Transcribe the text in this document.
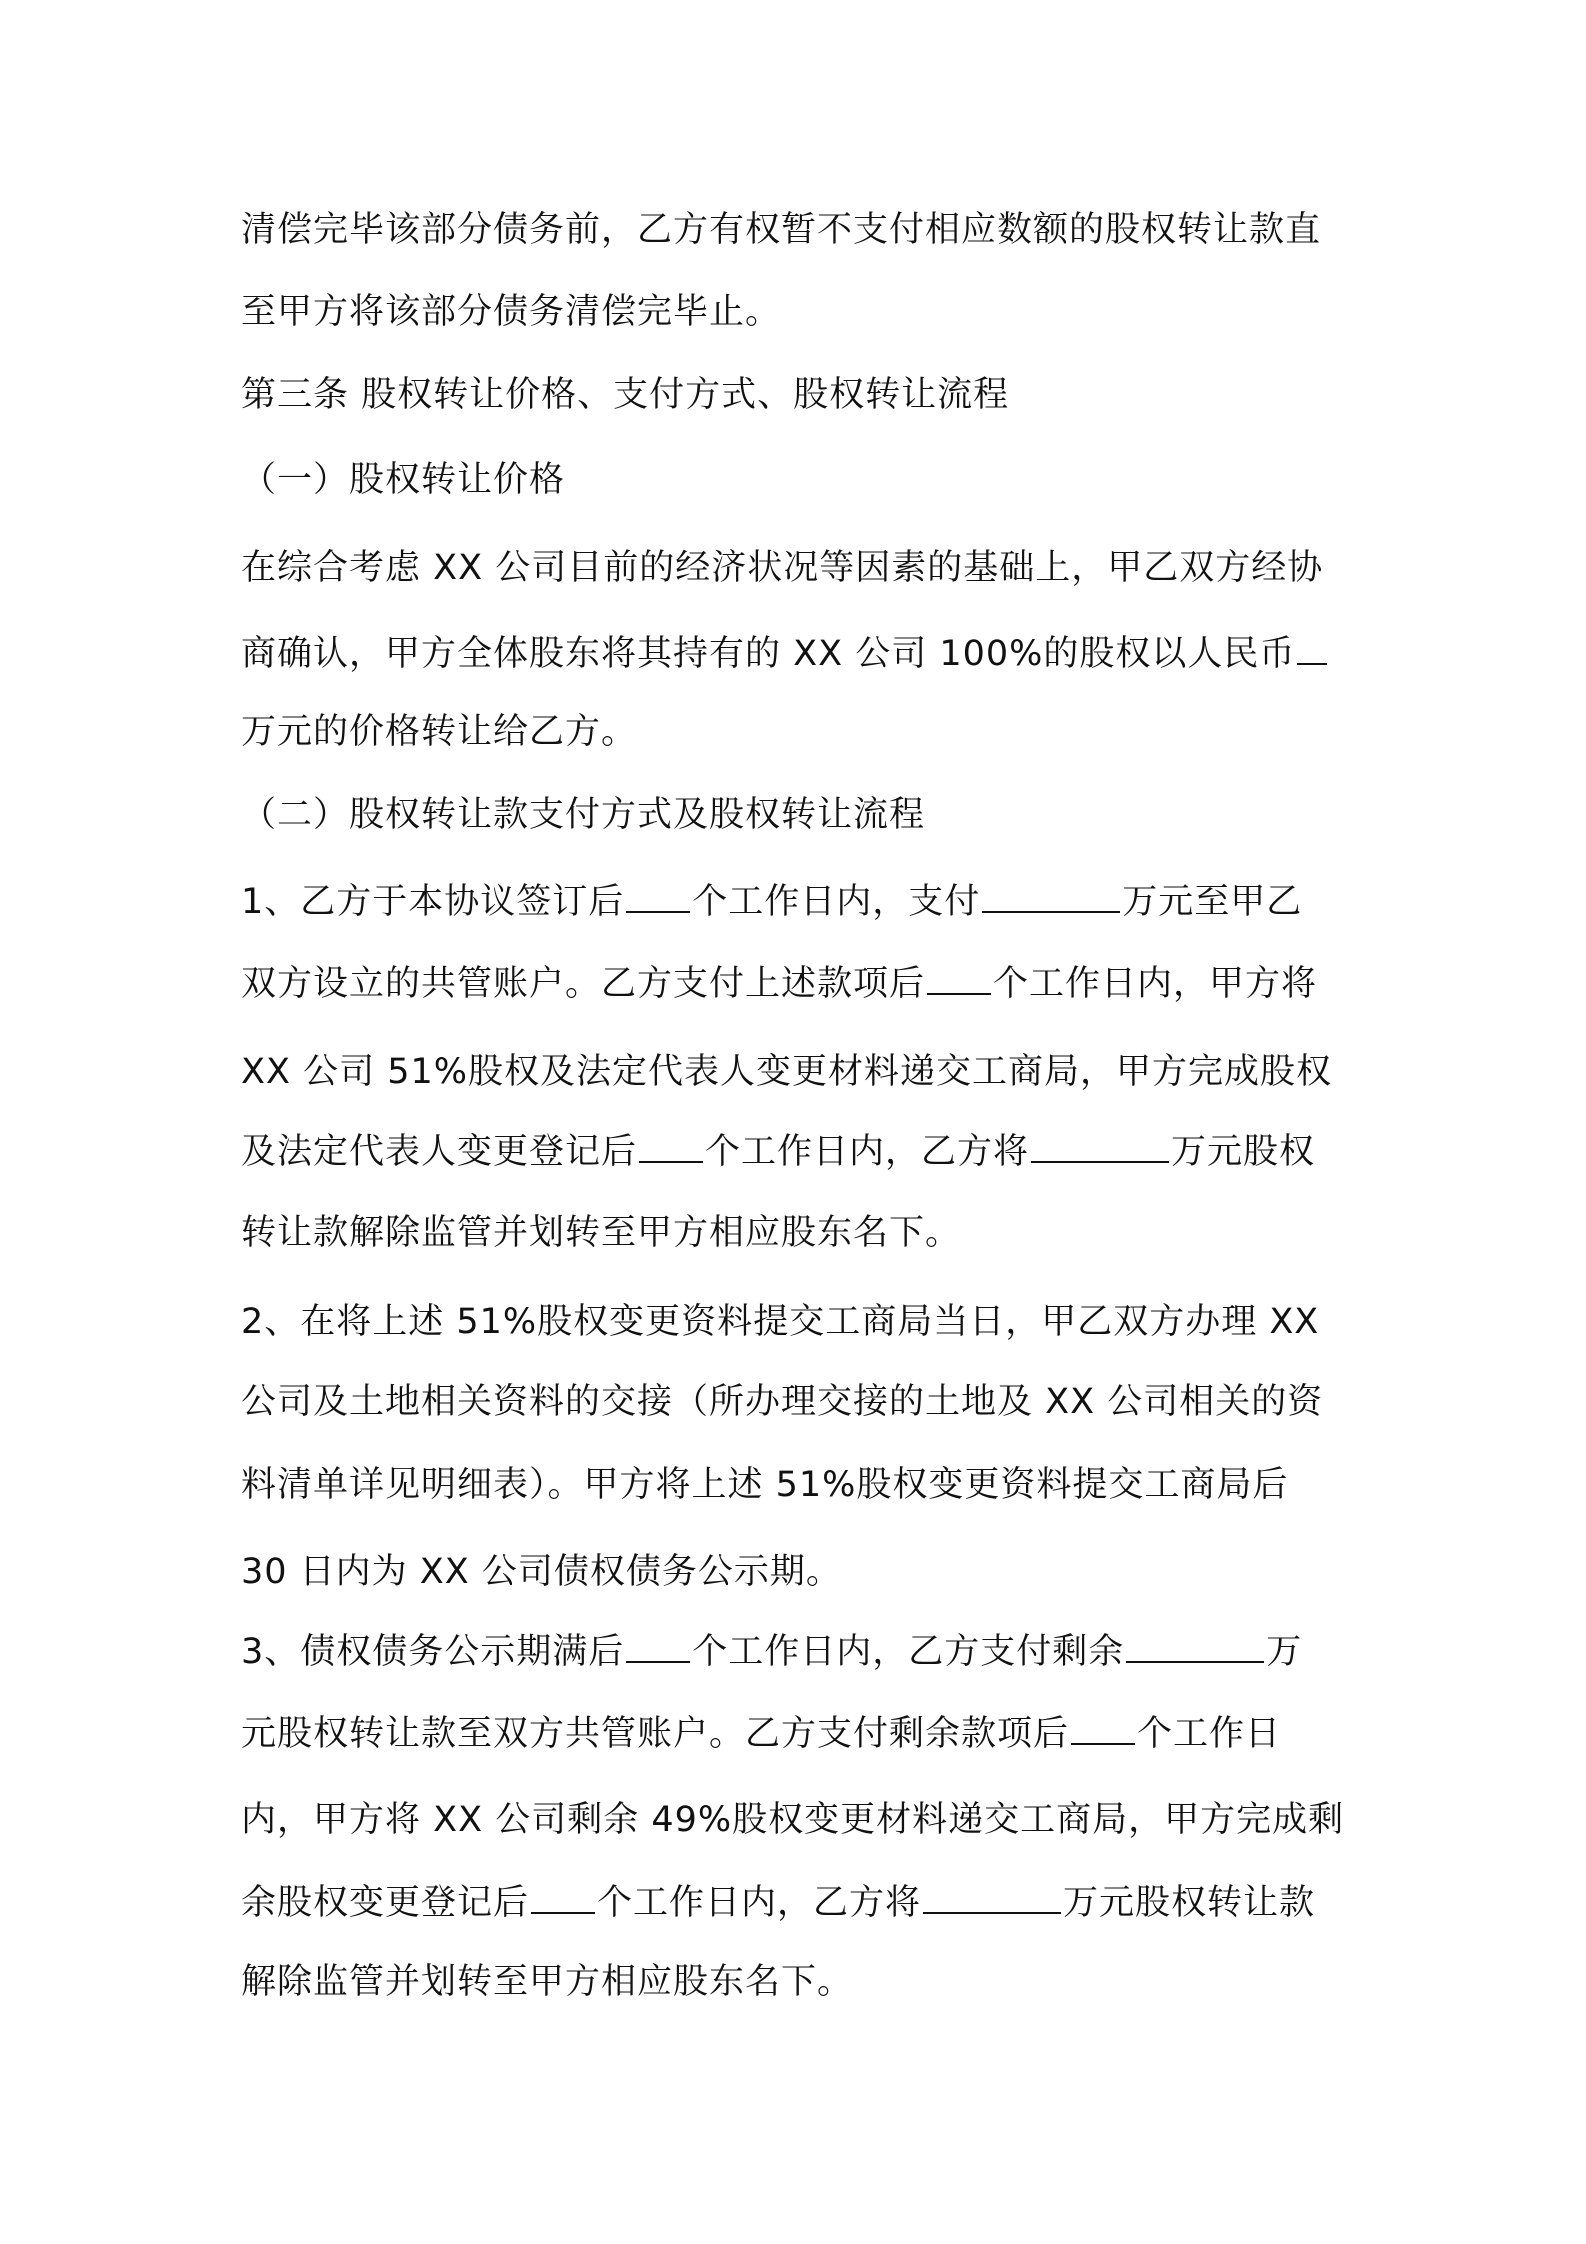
清偿完毕该部分债务前，乙方有权暂不支付相应数额的股权转让款直
至甲方将该部分债务清偿完毕止。
第三条 股权转让价格、支付方式、股权转让流程
（一）股权转让价格
在综合考虑 XX 公司目前的经济状况等因素的基础上，甲乙双方经协
商确认，甲方全体股东将其持有的 XX 公司 100%的股权以人民币
万元的价格转让给乙方。
（二）股权转让款支付方式及股权转让流程
1、乙方于本协议签订后 个工作日内，支付	万元至甲乙
双方设立的共管账户。乙方支付上述款项后 个工作日内，甲方将
XX 公司 51%股权及法定代表人变更材料递交工商局，甲方完成股权
及法定代表人变更登记后 个工作日内，乙方将	万元股权
转让款解除监管并划转至甲方相应股东名下。
2、在将上述 51%股权变更资料提交工商局当日，甲乙双方办理 XX
公司及土地相关资料的交接（所办理交接的土地及 XX 公司相关的资
料清单详见明细表）。甲方将上述 51%股权变更资料提交工商局后
30 日内为 XX 公司债权债务公示期。
3、债权债务公示期满后 个工作日内，乙方支付剩余	万
元股权转让款至双方共管账户。乙方支付剩余款项后 个工作日
内，甲方将 XX 公司剩余 49%股权变更材料递交工商局，甲方完成剩
余股权变更登记后 个工作日内，乙方将	万元股权转让款
解除监管并划转至甲方相应股东名下。
